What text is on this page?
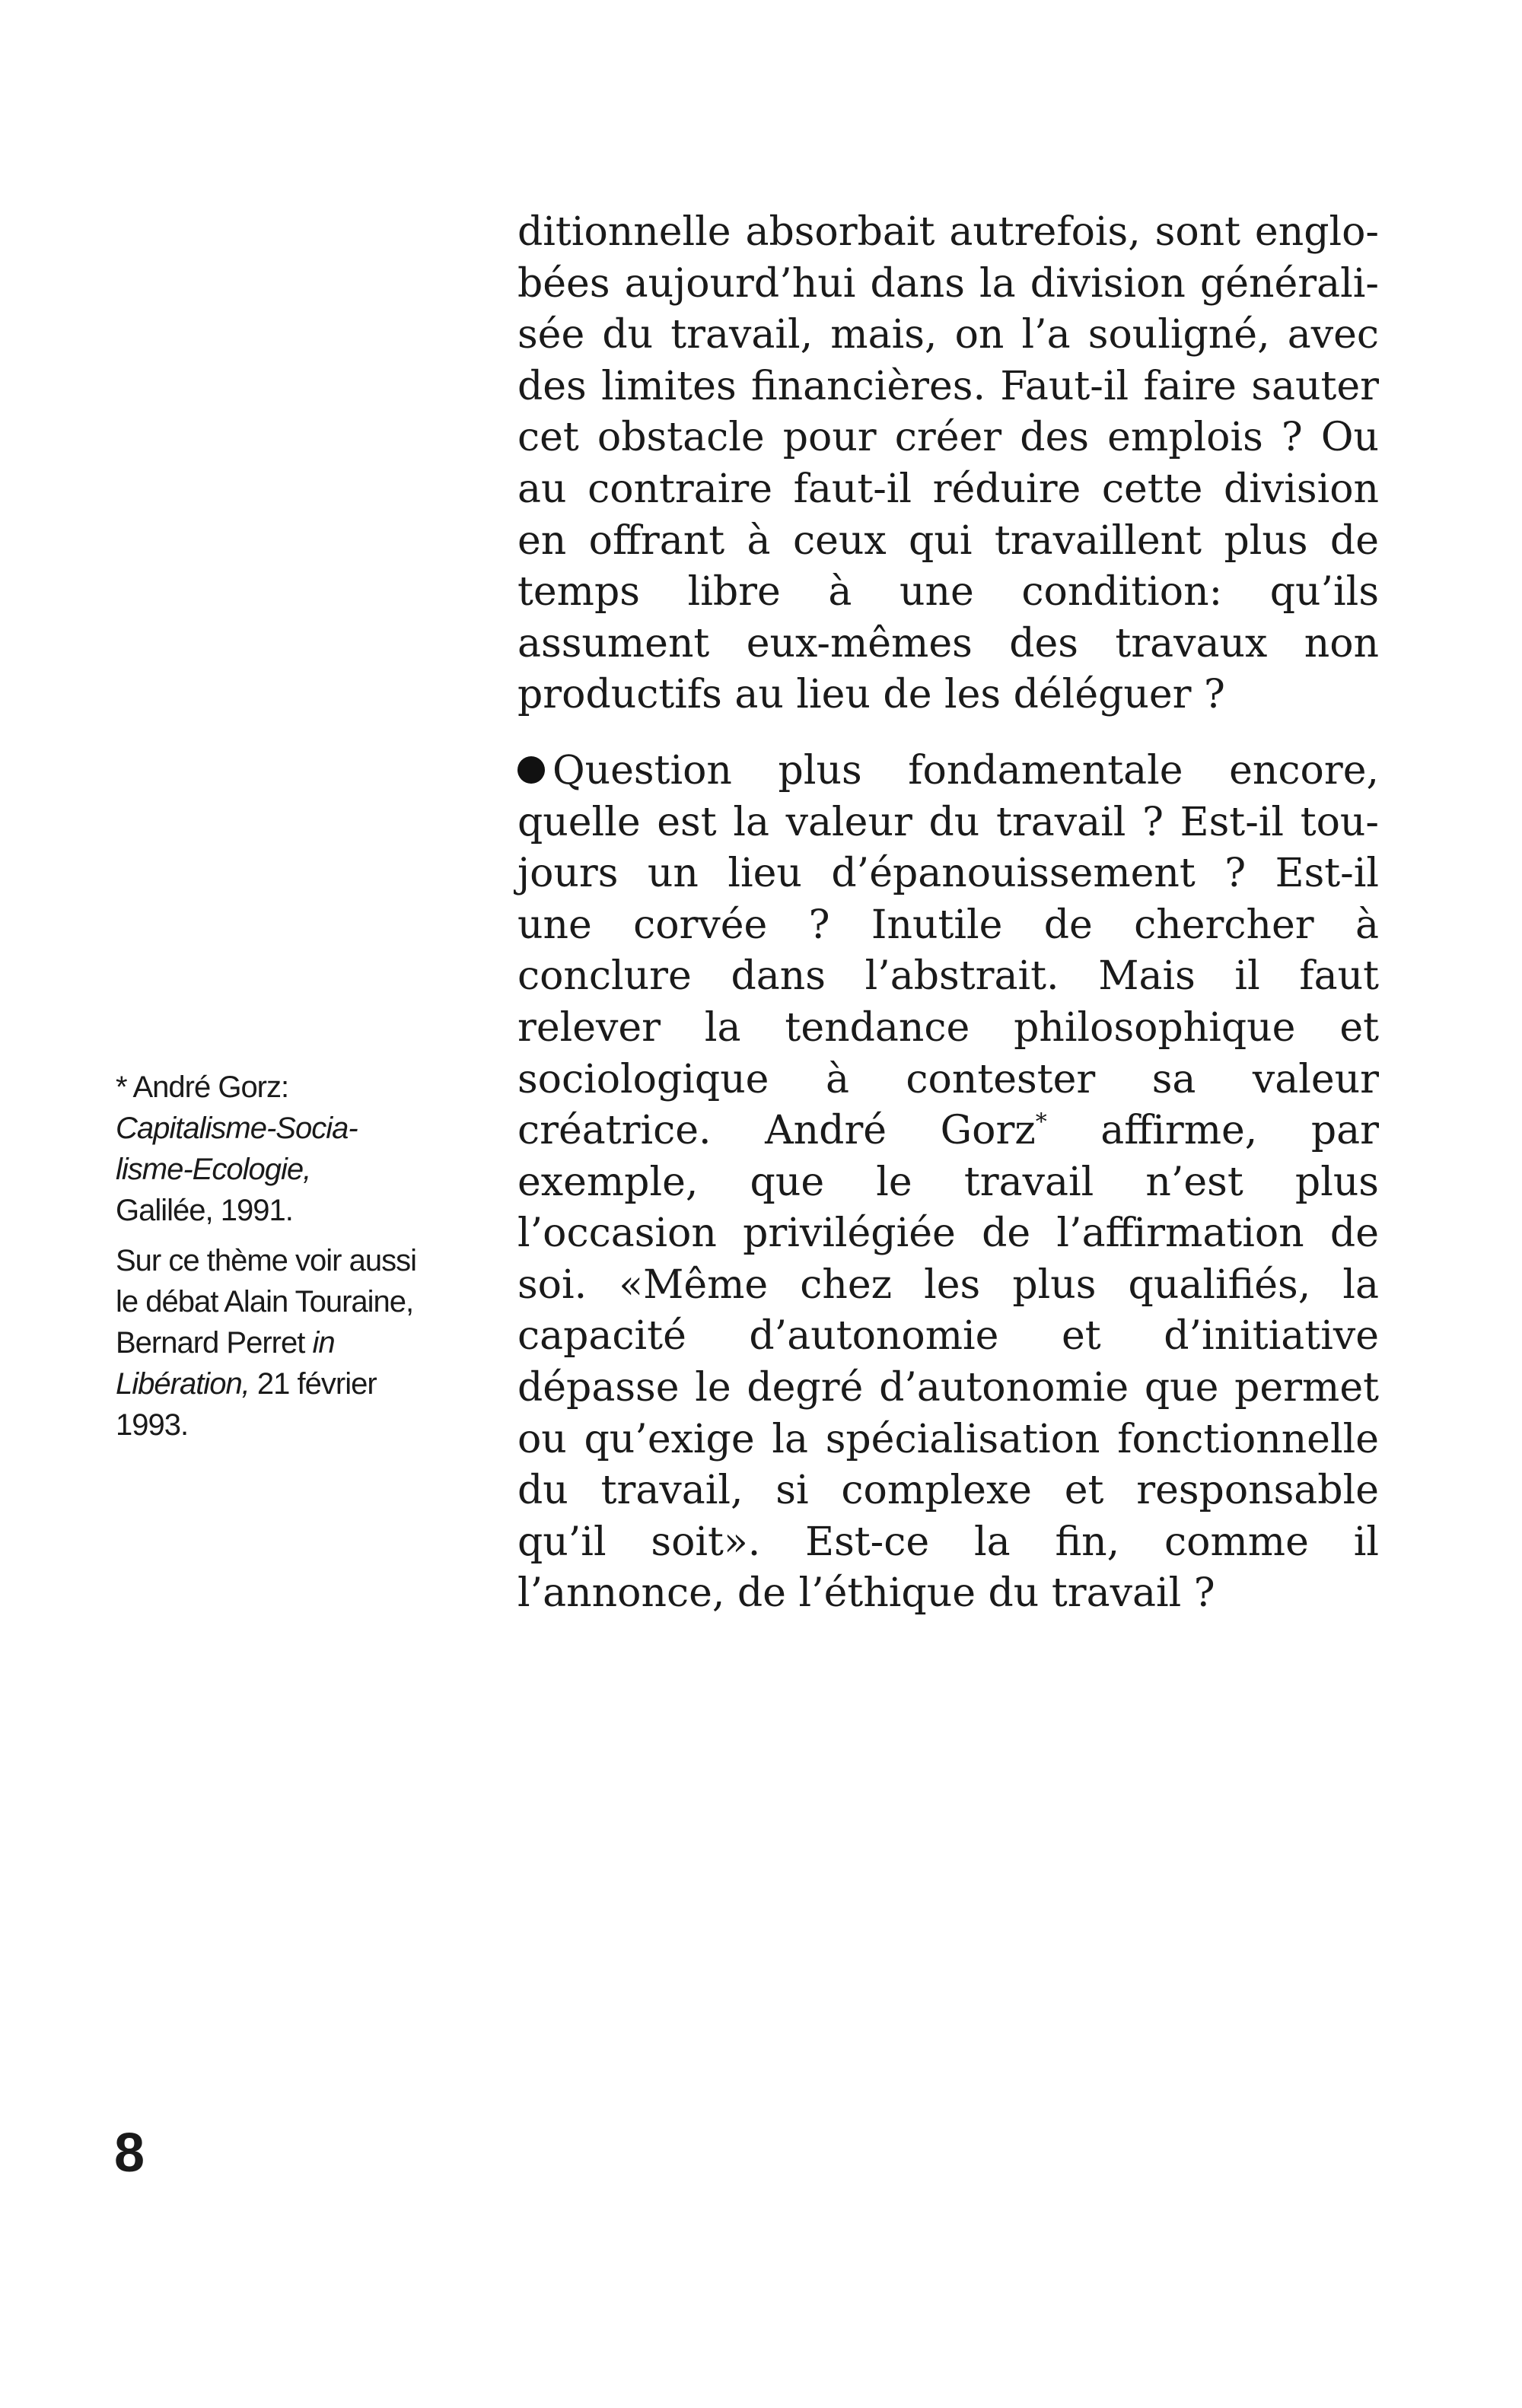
ditionnelle absorbait autrefois, sont englobées aujourd’hui dans la division généralisée du travail, mais, on l’a souligné, avec des limites financières. Faut-il faire sauter cet obstacle pour créer des emplois ? Ou au contraire faut-il réduire cette division en offrant à ceux qui travaillent plus de temps libre à une condition: qu’ils assument eux-mêmes des travaux non productifs au lieu de les déléguer ?

Question plus fondamentale encore, quelle est la valeur du travail ? Est-il toujours un lieu d’épanouissement ? Est-il une corvée ? Inutile de chercher à conclure dans l’abstrait. Mais il faut relever la tendance philosophique et sociologique à contester sa valeur créatrice. André Gorz* affirme, par exemple, que le travail n’est plus l’occasion privilégiée de l’affirmation de soi. «Même chez les plus qualifiés, la capacité d’autonomie et d’initiative dépasse le degré d’autonomie que permet ou qu’exige la spécialisation fonctionnelle du travail, si complexe et responsable qu’il soit». Est-ce la fin, comme il l’annonce, de l’éthique du travail ?

* André Gorz:
Capitalisme-Socialisme-Ecologie,
Galilée, 1991.

Sur ce thème voir aussi le débat Alain Touraine, Bernard Perret in Libération, 21 février 1993.

8
